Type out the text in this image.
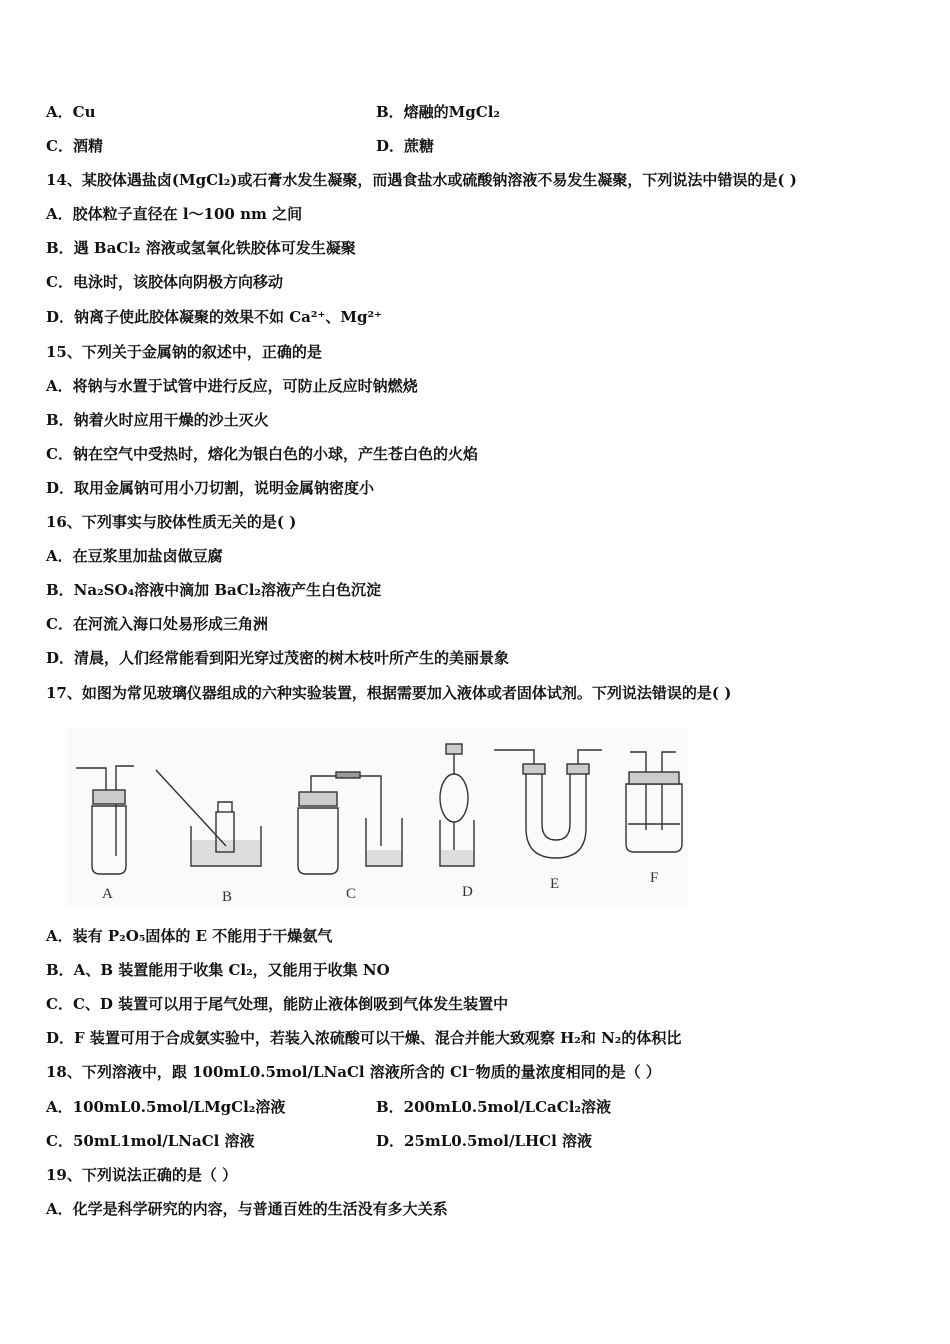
A．Cu	B．熔融的MgCl₂
C．酒精	D．蔗糖
14、某胶体遇盐卤(MgCl₂)或石膏水发生凝聚，而遇食盐水或硫酸钠溶液不易发生凝聚，下列说法中错误的是( )
A．胶体粒子直径在 l～100 nm 之间
B．遇 BaCl₂ 溶液或氢氧化铁胶体可发生凝聚
C．电泳时，该胶体向阴极方向移动
D．钠离子使此胶体凝聚的效果不如 Ca²⁺、Mg²⁺
15、下列关于金属钠的叙述中，正确的是
A．将钠与水置于试管中进行反应，可防止反应时钠燃烧
B．钠着火时应用干燥的沙土灭火
C．钠在空气中受热时，熔化为银白色的小球，产生苍白色的火焰
D．取用金属钠可用小刀切割，说明金属钠密度小
16、下列事实与胶体性质无关的是( )
A．在豆浆里加盐卤做豆腐
B．Na₂SO₄溶液中滴加 BaCl₂溶液产生白色沉淀
C．在河流入海口处易形成三角洲
D．清晨，人们经常能看到阳光穿过茂密的树木枝叶所产生的美丽景象
17、如图为常见玻璃仪器组成的六种实验装置，根据需要加入液体或者固体试剂。下列说法错误的是( )
A	B	C	D	E	F
A．装有 P₂O₅固体的 E 不能用于干燥氨气
B．A、B 装置能用于收集 Cl₂，又能用于收集 NO
C．C、D 装置可以用于尾气处理，能防止液体倒吸到气体发生装置中
D．F 装置可用于合成氨实验中，若装入浓硫酸可以干燥、混合并能大致观察 H₂和 N₂的体积比
18、下列溶液中，跟 100mL0.5mol/LNaCl 溶液所含的 Cl⁻物质的量浓度相同的是（ ）
A．100mL0.5mol/LMgCl₂溶液	B．200mL0.5mol/LCaCl₂溶液
C．50mL1mol/LNaCl 溶液	D．25mL0.5mol/LHCl 溶液
19、下列说法正确的是（ ）
A．化学是科学研究的内容，与普通百姓的生活没有多大关系
